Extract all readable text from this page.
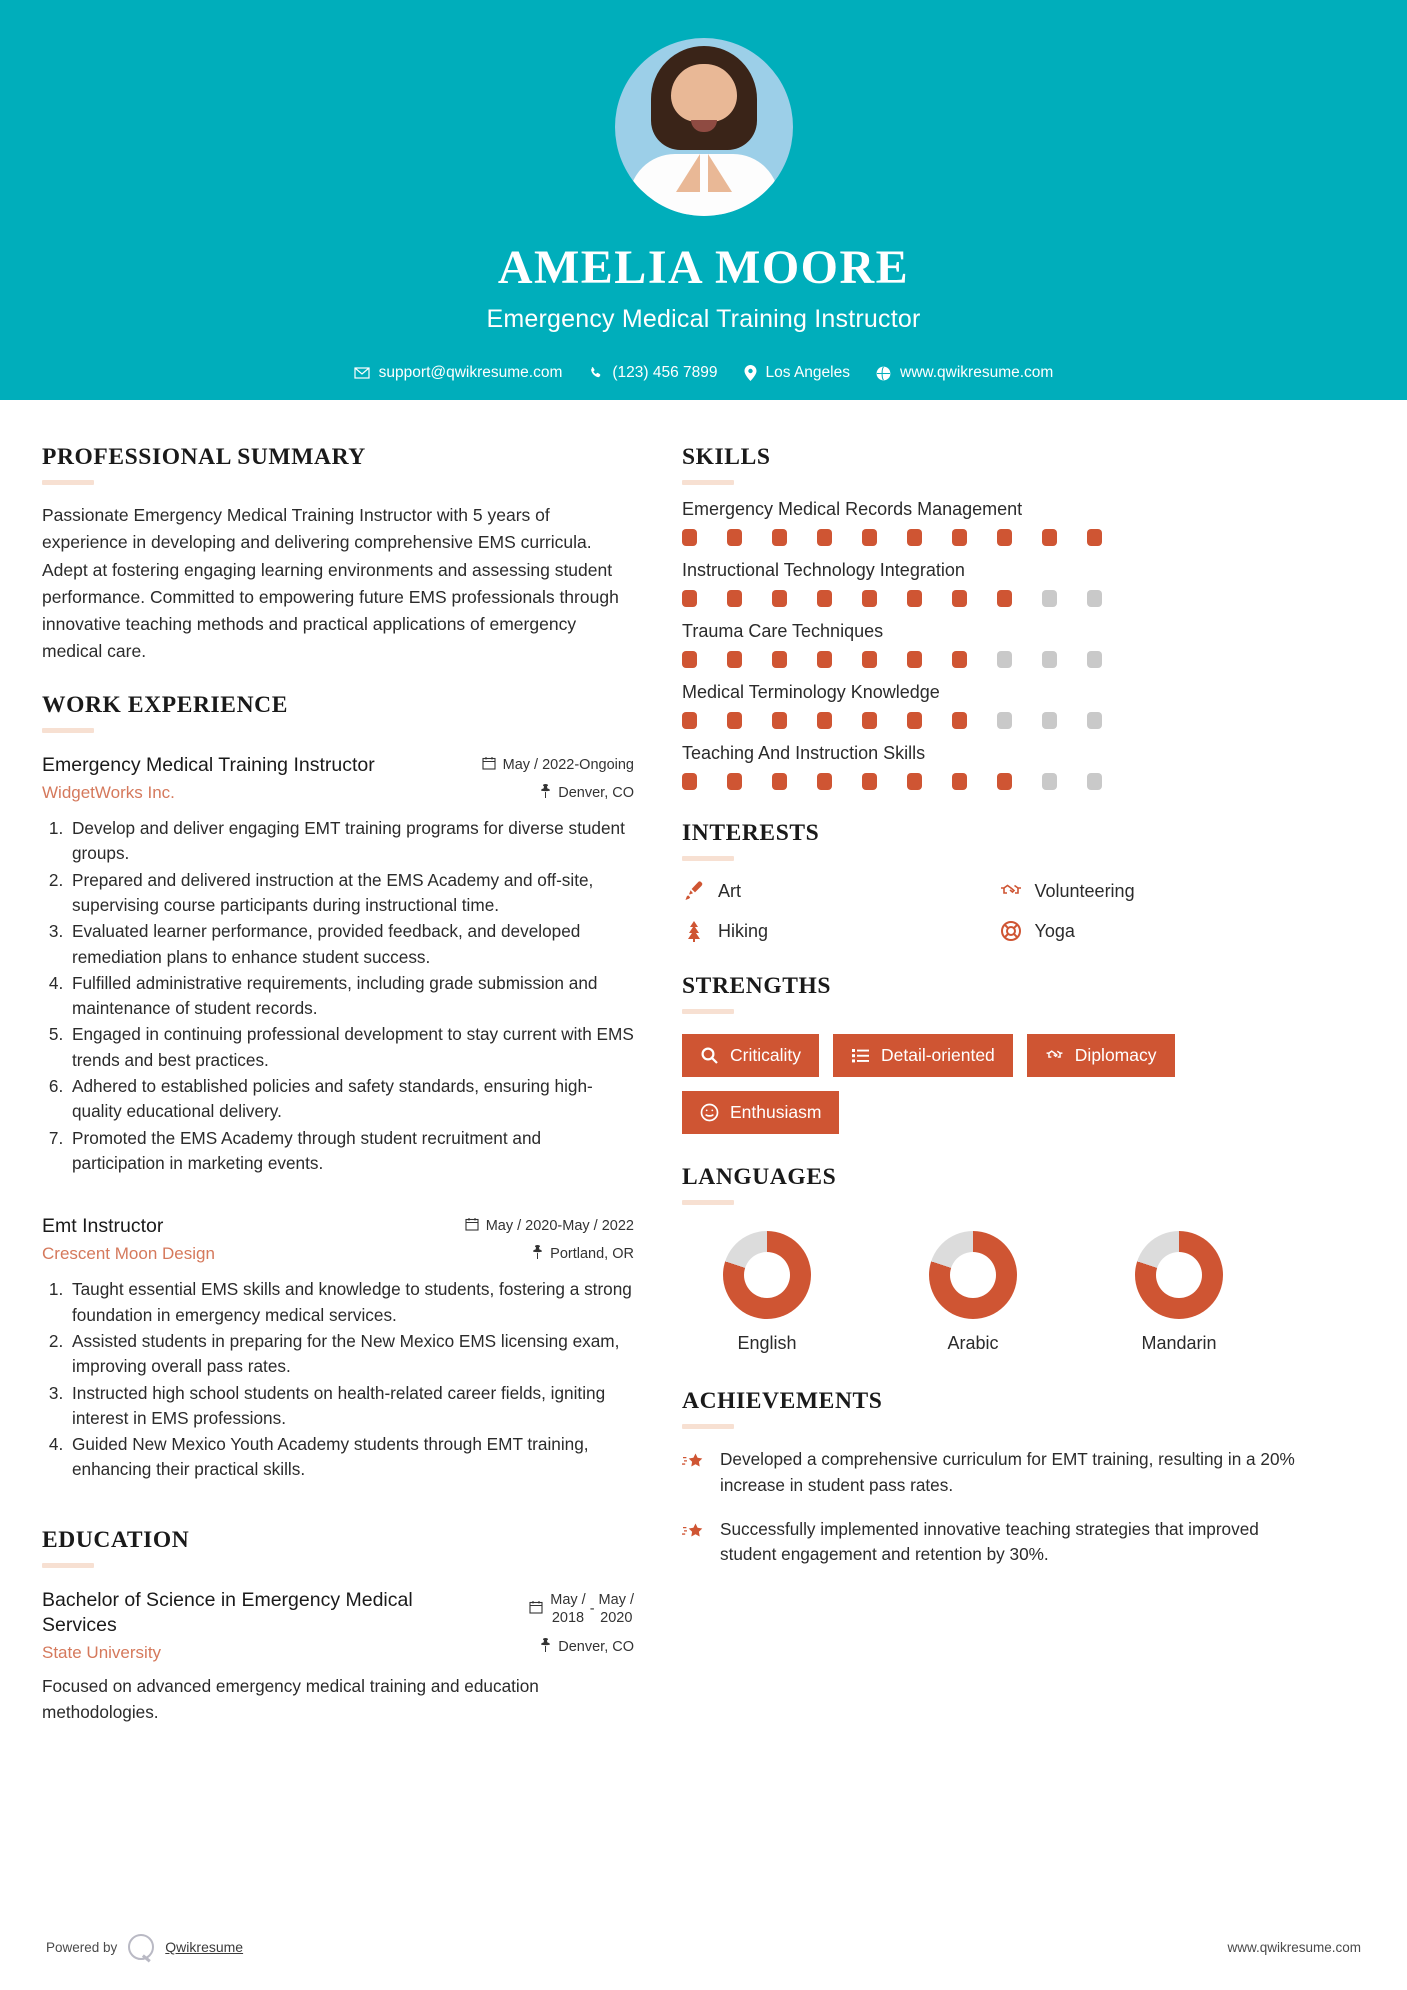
AMELIA MOORE
Emergency Medical Training Instructor
support@qwikresume.com	(123) 456 7899	Los Angeles	www.qwikresume.com
PROFESSIONAL SUMMARY
Passionate Emergency Medical Training Instructor with 5 years of experience in developing and delivering comprehensive EMS curricula. Adept at fostering engaging learning environments and assessing student performance. Committed to empowering future EMS professionals through innovative teaching methods and practical applications of emergency medical care.
WORK EXPERIENCE
Emergency Medical Training Instructor
WidgetWorks Inc.
May / 2022-Ongoing
Denver, CO
1. Develop and deliver engaging EMT training programs for diverse student groups.
2. Prepared and delivered instruction at the EMS Academy and off-site, supervising course participants during instructional time.
3. Evaluated learner performance, provided feedback, and developed remediation plans to enhance student success.
4. Fulfilled administrative requirements, including grade submission and maintenance of student records.
5. Engaged in continuing professional development to stay current with EMS trends and best practices.
6. Adhered to established policies and safety standards, ensuring high-quality educational delivery.
7. Promoted the EMS Academy through student recruitment and participation in marketing events.
Emt Instructor
Crescent Moon Design
May / 2020-May / 2022
Portland, OR
1. Taught essential EMS skills and knowledge to students, fostering a strong foundation in emergency medical services.
2. Assisted students in preparing for the New Mexico EMS licensing exam, improving overall pass rates.
3. Instructed high school students on health-related career fields, igniting interest in EMS professions.
4. Guided New Mexico Youth Academy students through EMT training, enhancing their practical skills.
EDUCATION
Bachelor of Science in Emergency Medical Services
State University
May /
2018
-
May /
2020
Denver, CO
Focused on advanced emergency medical training and education methodologies.
SKILLS
Emergency Medical Records Management
Instructional Technology Integration
Trauma Care Techniques
Medical Terminology Knowledge
Teaching And Instruction Skills
INTERESTS
Art	Volunteering
Hiking	Yoga
STRENGTHS
Criticality	Detail-oriented	Diplomacy
Enthusiasm
LANGUAGES
English	Arabic	Mandarin
ACHIEVEMENTS
Developed a comprehensive curriculum for EMT training, resulting in a 20% increase in student pass rates.
Successfully implemented innovative teaching strategies that improved student engagement and retention by 30%.
Powered by	Qwikresume	www.qwikresume.com
